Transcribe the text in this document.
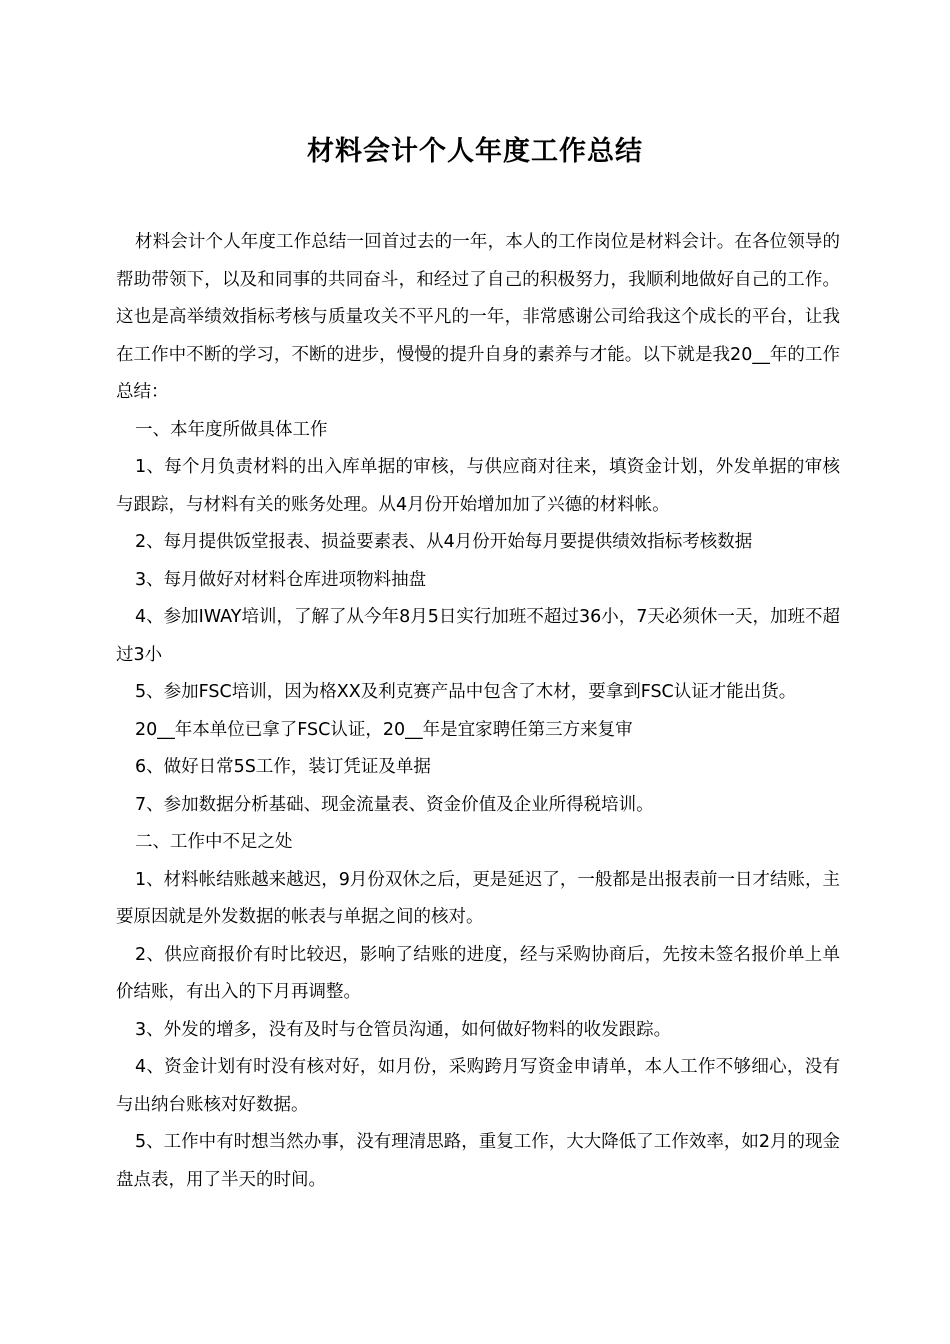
材料会计个人年度工作总结

材料会计个人年度工作总结一回首过去的一年，本人的工作岗位是材料会计。在各位领导的帮助带领下，以及和同事的共同奋斗，和经过了自己的积极努力，我顺利地做好自己的工作。这也是高举绩效指标考核与质量攻关不平凡的一年，非常感谢公司给我这个成长的平台，让我在工作中不断的学习，不断的进步，慢慢的提升自身的素养与才能。以下就是我20__年的工作总结：

一、本年度所做具体工作

1、每个月负责材料的出入库单据的审核，与供应商对往来，填资金计划，外发单据的审核与跟踪，与材料有关的账务处理。从4月份开始增加加了兴德的材料帐。

2、每月提供饭堂报表、损益要素表、从4月份开始每月要提供绩效指标考核数据

3、每月做好对材料仓库进项物料抽盘

4、参加IWAY培训，了解了从今年8月5日实行加班不超过36小，7天必须休一天，加班不超过3小

5、参加FSC培训，因为格XX及利克赛产品中包含了木材，要拿到FSC认证才能出货。

20__年本单位已拿了FSC认证，20__年是宜家聘任第三方来复审

6、做好日常5S工作，装订凭证及单据

7、参加数据分析基础、现金流量表、资金价值及企业所得税培训。

二、工作中不足之处

1、材料帐结账越来越迟，9月份双休之后，更是延迟了，一般都是出报表前一日才结账，主要原因就是外发数据的帐表与单据之间的核对。

2、供应商报价有时比较迟，影响了结账的进度，经与采购协商后，先按未签名报价单上单价结账，有出入的下月再调整。

3、外发的增多，没有及时与仓管员沟通，如何做好物料的收发跟踪。

4、资金计划有时没有核对好，如月份，采购跨月写资金申请单，本人工作不够细心，没有与出纳台账核对好数据。

5、工作中有时想当然办事，没有理清思路，重复工作，大大降低了工作效率，如2月的现金盘点表，用了半天的时间。
